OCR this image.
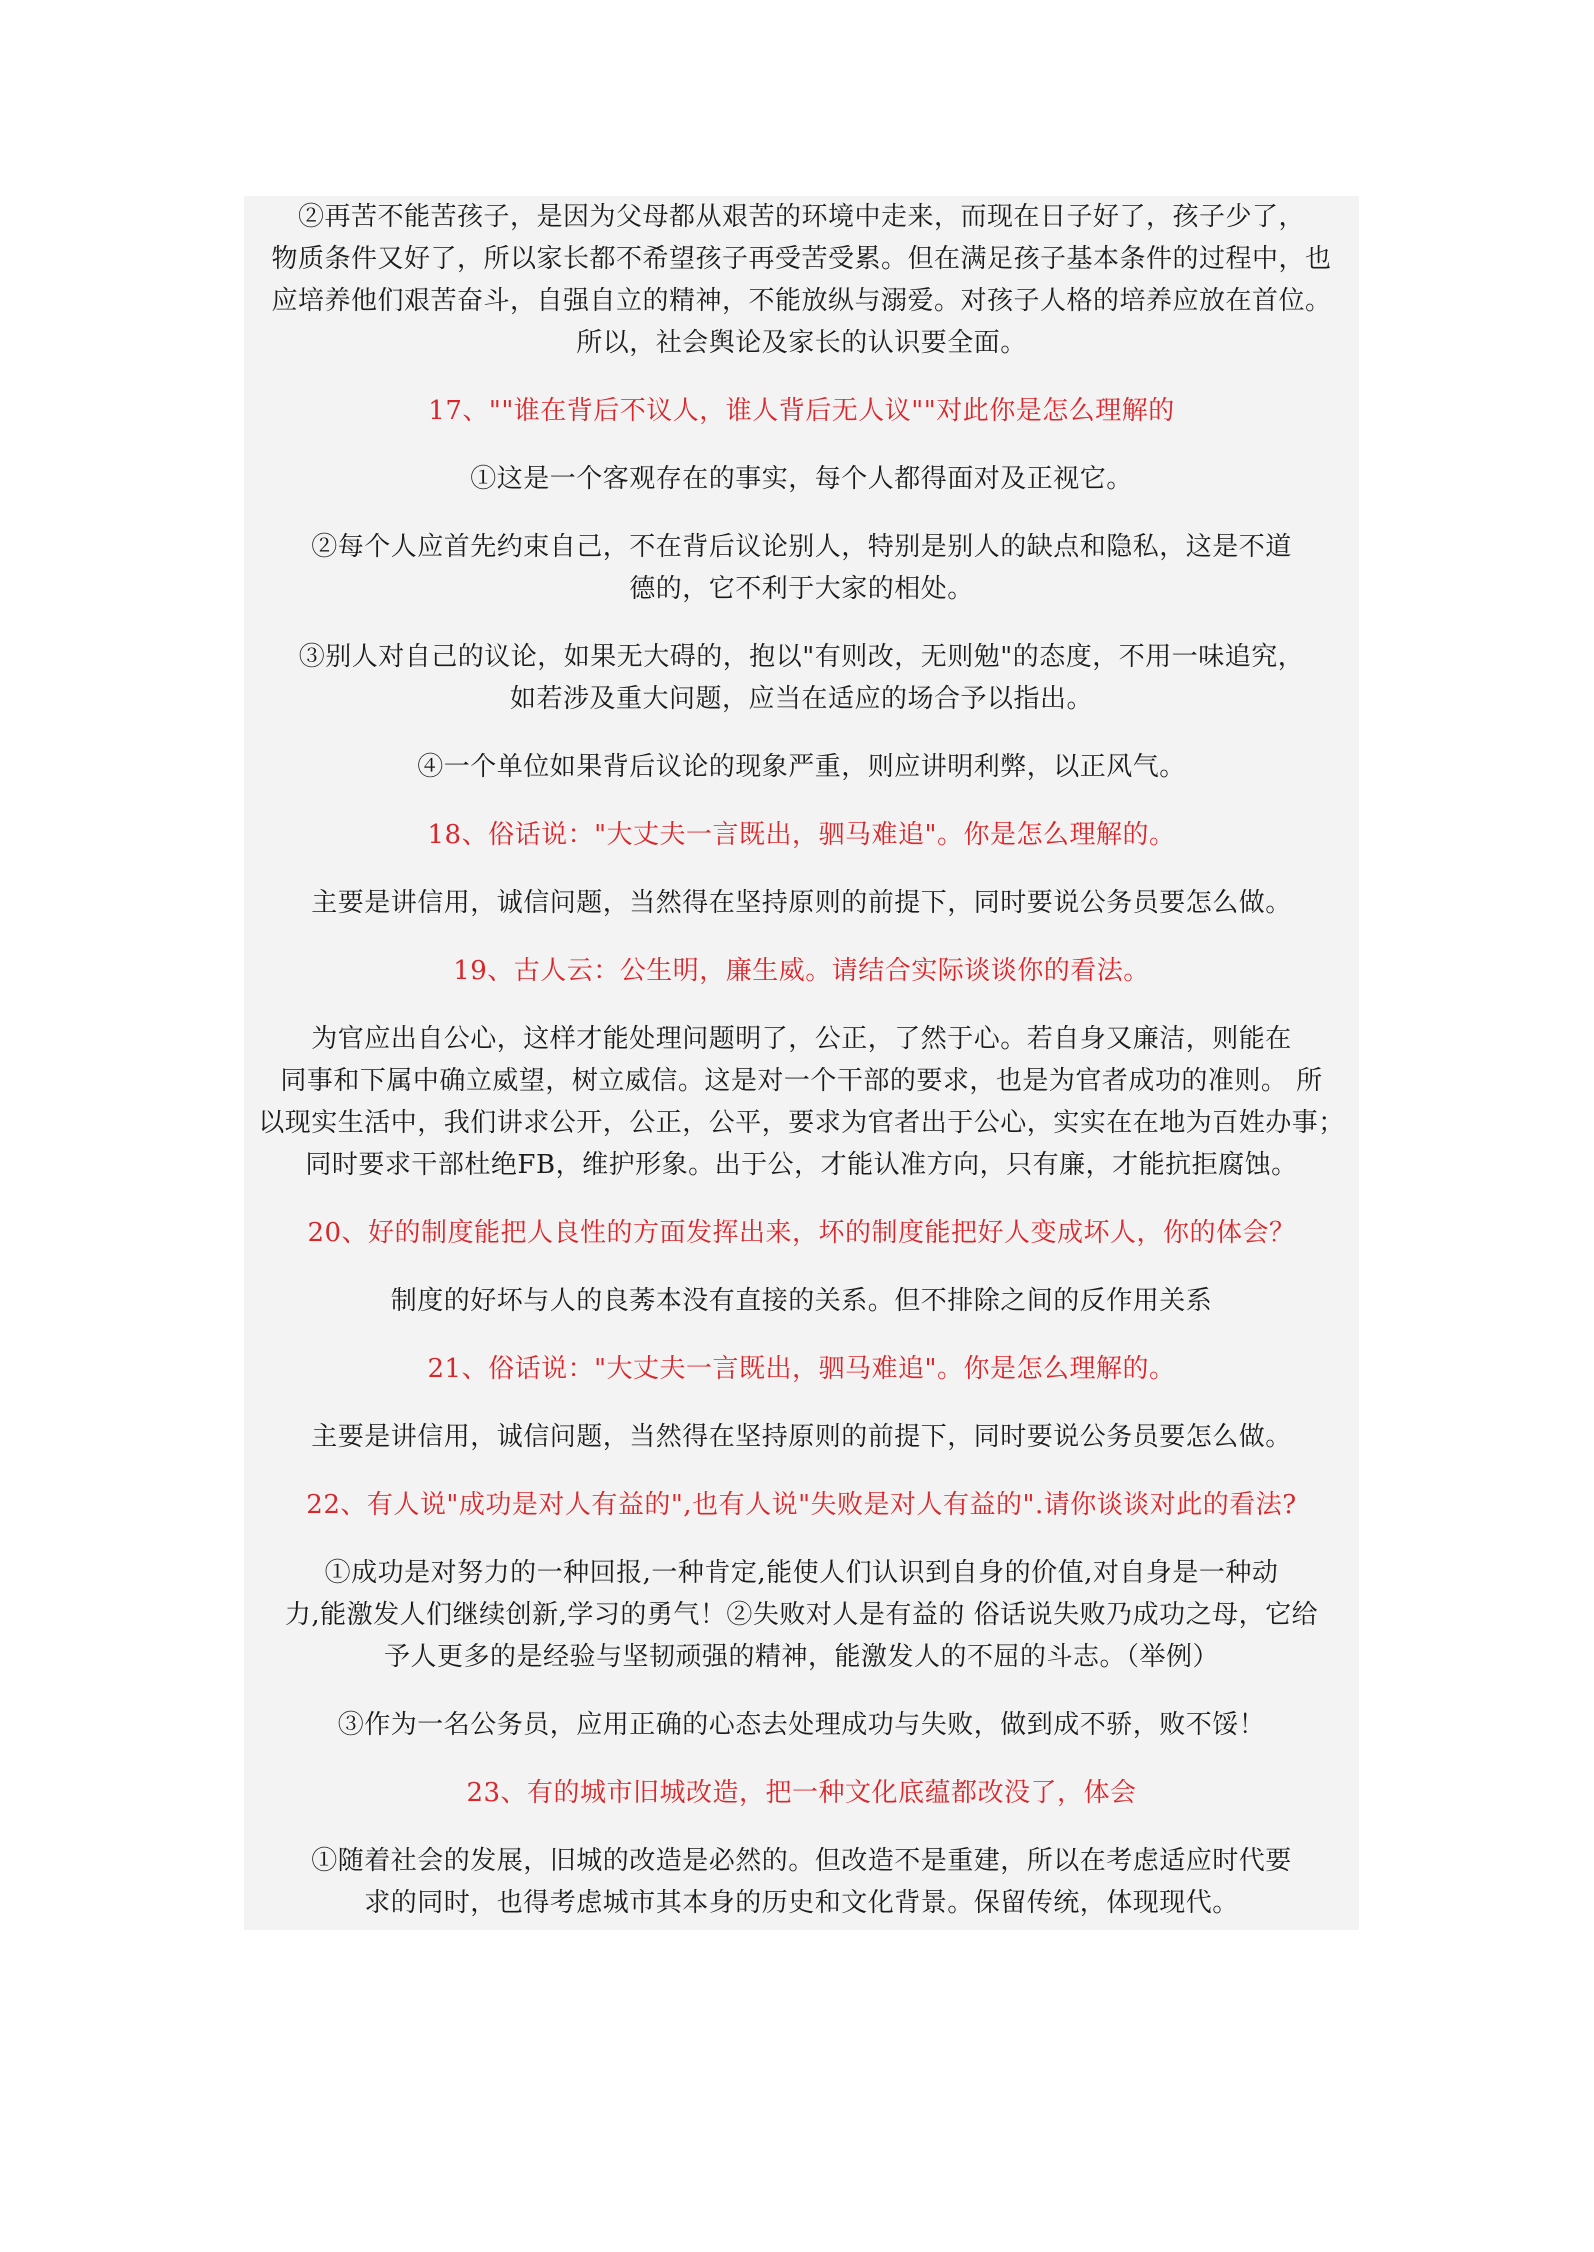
②再苦不能苦孩子，是因为父母都从艰苦的环境中走来，而现在日子好了，孩子少了，
物质条件又好了，所以家长都不希望孩子再受苦受累。但在满足孩子基本条件的过程中，也
应培养他们艰苦奋斗，自强自立的精神，不能放纵与溺爱。对孩子人格的培养应放在首位。
所以，社会舆论及家长的认识要全面。
17、""谁在背后不议人，谁人背后无人议""对此你是怎么理解的
①这是一个客观存在的事实，每个人都得面对及正视它。
②每个人应首先约束自己，不在背后议论别人，特别是别人的缺点和隐私，这是不道
德的，它不利于大家的相处。
③别人对自己的议论，如果无大碍的，抱以"有则改，无则勉"的态度，不用一味追究，
如若涉及重大问题，应当在适应的场合予以指出。
④一个单位如果背后议论的现象严重，则应讲明利弊，以正风气。
18、俗话说："大丈夫一言既出，驷马难追"。你是怎么理解的。
主要是讲信用，诚信问题，当然得在坚持原则的前提下，同时要说公务员要怎么做。
19、古人云：公生明，廉生威。请结合实际谈谈你的看法。
为官应出自公心，这样才能处理问题明了，公正，了然于心。若自身又廉洁，则能在
同事和下属中确立威望，树立威信。这是对一个干部的要求，也是为官者成功的准则。 所
以现实生活中，我们讲求公开，公正，公平，要求为官者出于公心，实实在在地为百姓办事；
同时要求干部杜绝FB，维护形象。出于公，才能认准方向，只有廉，才能抗拒腐蚀。
20、好的制度能把人良性的方面发挥出来，坏的制度能把好人变成坏人，你的体会？
制度的好坏与人的良莠本没有直接的关系。但不排除之间的反作用关系
21、俗话说："大丈夫一言既出，驷马难追"。你是怎么理解的。
主要是讲信用，诚信问题，当然得在坚持原则的前提下，同时要说公务员要怎么做。
22、有人说"成功是对人有益的",也有人说"失败是对人有益的".请你谈谈对此的看法?
①成功是对努力的一种回报,一种肯定,能使人们认识到自身的价值,对自身是一种动
力,能激发人们继续创新,学习的勇气！②失败对人是有益的 俗话说失败乃成功之母，它给
予人更多的是经验与坚韧顽强的精神，能激发人的不屈的斗志。（举例）
③作为一名公务员，应用正确的心态去处理成功与失败，做到成不骄，败不馁！
23、有的城市旧城改造，把一种文化底蕴都改没了，体会
①随着社会的发展，旧城的改造是必然的。但改造不是重建，所以在考虑适应时代要
求的同时，也得考虑城市其本身的历史和文化背景。保留传统，体现现代。
